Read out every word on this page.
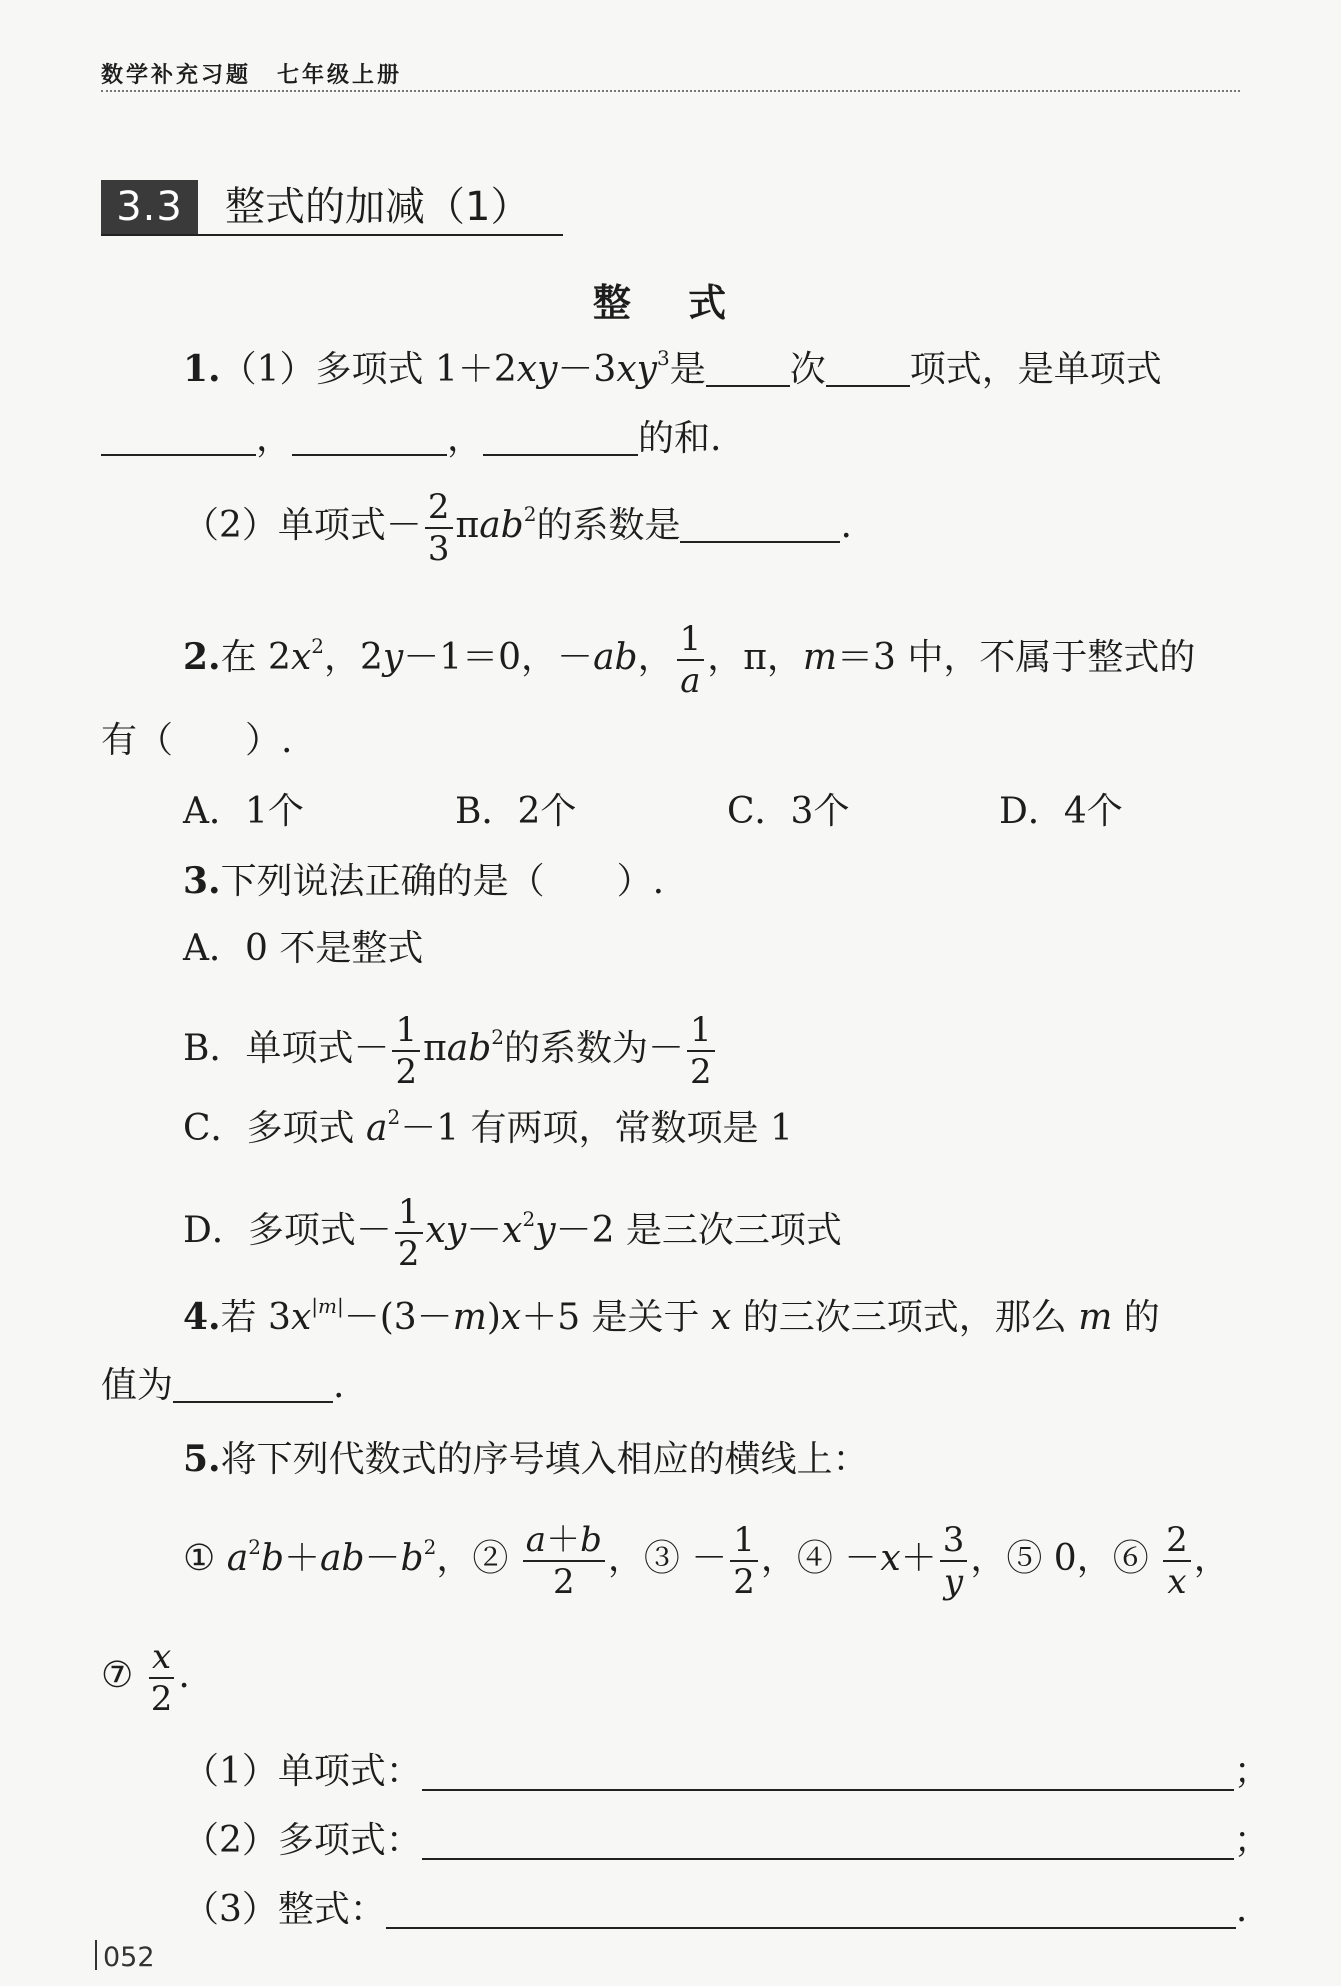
数学补充习题 七年级上册
3.3	整式的加减（1）
整 式
1.（1）多项式 $1+2xy-3xy^3$是 次 项式，是单项式
，	，	的和.
（2）单项式－ $\frac{2}{3} \pi ab^2$的系数是	.
2.在 $2x^2$，2y－1＝0，－ab， $\frac{1}{a}$ ，π，m＝3 中，不属于整式的
有（　　）.
A．1个	B．2个	C．3个	D．4个
3.下列说法正确的是（　　）.
A．0 不是整式
B．单项式－ $\frac{1}{2} \pi ab^2$的系数为－ $\frac{1}{2}$
C．多项式 $a^2-1$ 有两项，常数项是 1
D．多项式－ $\frac{1}{2} xy-x^2y-2$ 是三次三项式
4.若 $3x^{|m|}-(3-m)x+5$ 是关于 x 的三次三项式，那么 m 的
值为	.
5.将下列代数式的序号填入相应的横线上：
① $a^2b+ab-b^2$，② $\frac{a+b}{2}$ ，③ － $\frac{1}{2}$ ，④ $-x+ \frac{3}{y}$ ，⑤ 0，⑥ $\frac{2}{x}$ ，
⑦ $\frac{x}{2}$ .
（1）单项式：	；
（2）多项式：	；
（3）整式：	.
052
